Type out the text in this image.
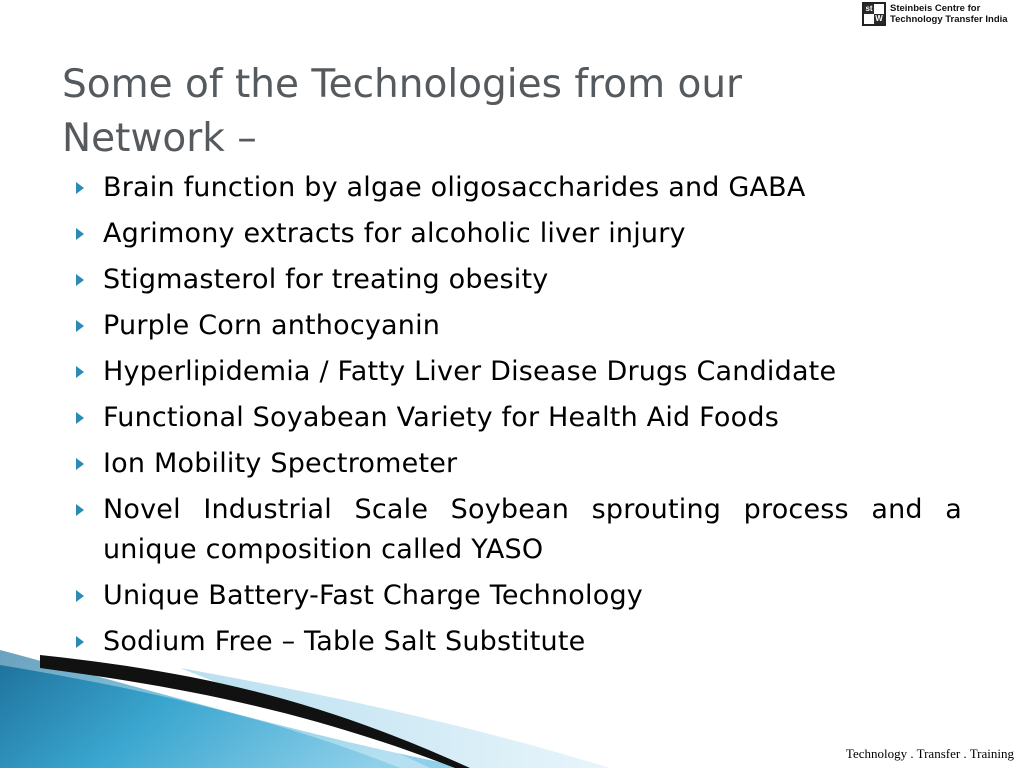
st
W
Steinbeis Centre for
Technology Transfer India
Some of the Technologies from our
Network –
Brain function by algae oligosaccharides and GABA
Agrimony extracts for alcoholic liver injury
Stigmasterol for treating obesity
Purple Corn anthocyanin
Hyperlipidemia / Fatty Liver Disease Drugs Candidate
Functional Soyabean Variety for Health Aid Foods
Ion Mobility Spectrometer
Novel Industrial Scale Soybean sprouting process and a unique composition called YASO
Unique Battery-Fast Charge Technology
Sodium Free – Table Salt Substitute
Technology . Transfer . Training
